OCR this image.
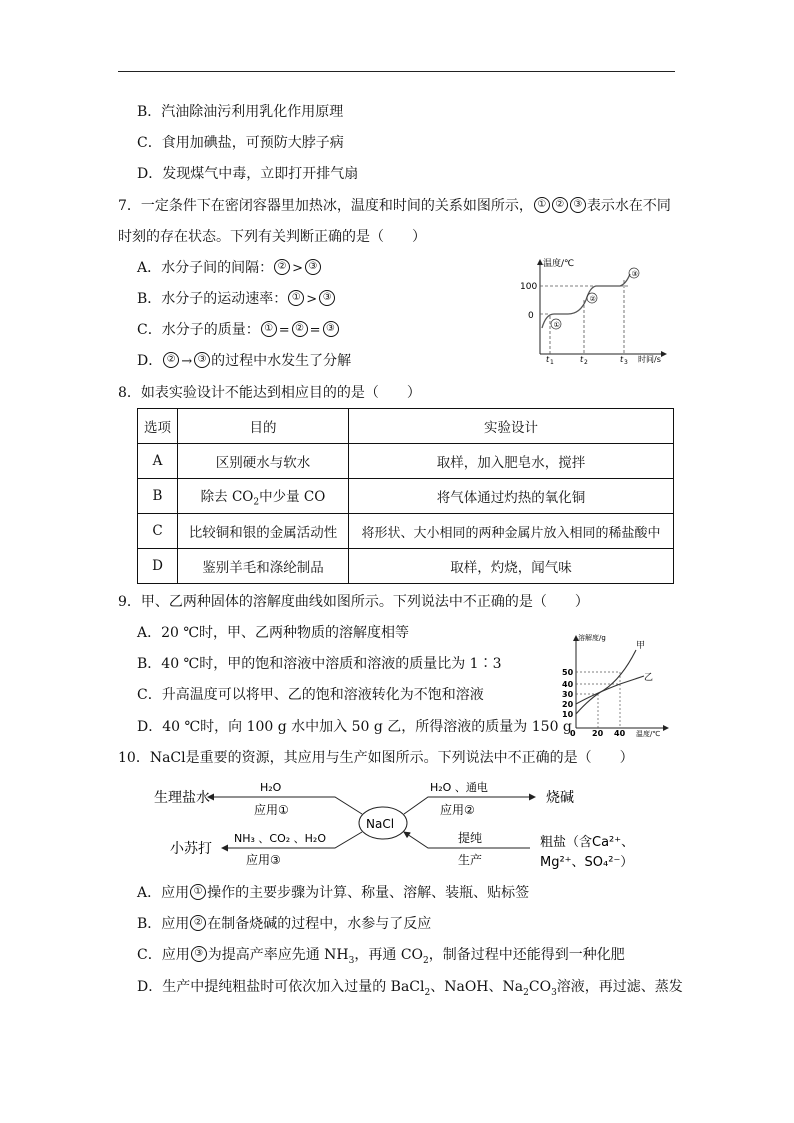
B．汽油除油污利用乳化作用原理
C．食用加碘盐，可预防大脖子病
D．发现煤气中毒，立即打开排气扇
7．一定条件下在密闭容器里加热冰，温度和时间的关系如图所示， ① ② ③ 表示水在不同
时刻的存在状态。下列有关判断正确的是（　　）
A．水分子间的间隔： ② > ③
B．水分子的运动速率： ① > ③
C．水分子的质量： ① = ② = ③
D． ② → ③ 的过程中水发生了分解
温度/℃
时间/s
100
0
①
②
③
t 1	t 2	t 3
8．如表实验设计不能达到相应目的的是（　　）
选项	目的	实验设计
A	区别硬水与软水	取样，加入肥皂水，搅拌
B	除去 $CO_2$中少量 CO	将气体通过灼热的氧化铜
C	比较铜和银的金属活动性	将形状、大小相同的两种金属片放入相同的稀盐酸中
D	鉴别羊毛和涤纶制品	取样，灼烧，闻气味
9．甲、乙两种固体的溶解度曲线如图所示。下列说法中不正确的是（　　）
A．20 ℃时，甲、乙两种物质的溶解度相等
B．40 ℃时，甲的饱和溶液中溶质和溶液的质量比为 1∶3
C．升高温度可以将甲、乙的饱和溶液转化为不饱和溶液
D．40 ℃时，向 100 g 水中加入 50 g 乙，所得溶液的质量为 150 g
溶解度/g
温度/℃
50
40
30
20
10
0 20 40
甲
乙
10．NaCl是重要的资源，其应用与生产如图所示。下列说法中不正确的是（　　）
NaCl
生理盐水
H₂O
应用①
烧碱
H₂O 、通电
应用②
小苏打
NH₃ 、CO₂ 、H₂O
应用③
提纯
生产
粗盐（含Ca²⁺、
Mg²⁺、SO₄²⁻）
A．应用 ① 操作的主要步骤为计算、称量、溶解、装瓶、贴标签
B．应用 ② 在制备烧碱的过程中，水参与了反应
C．应用 ③ 为提高产率应先通 $NH_3$，再通 $CO_2$，制备过程中还能得到一种化肥
D．生产中提纯粗盐时可依次加入过量的 BaCl$_2$、NaOH、$Na_2CO_3$溶液，再过滤、蒸发
